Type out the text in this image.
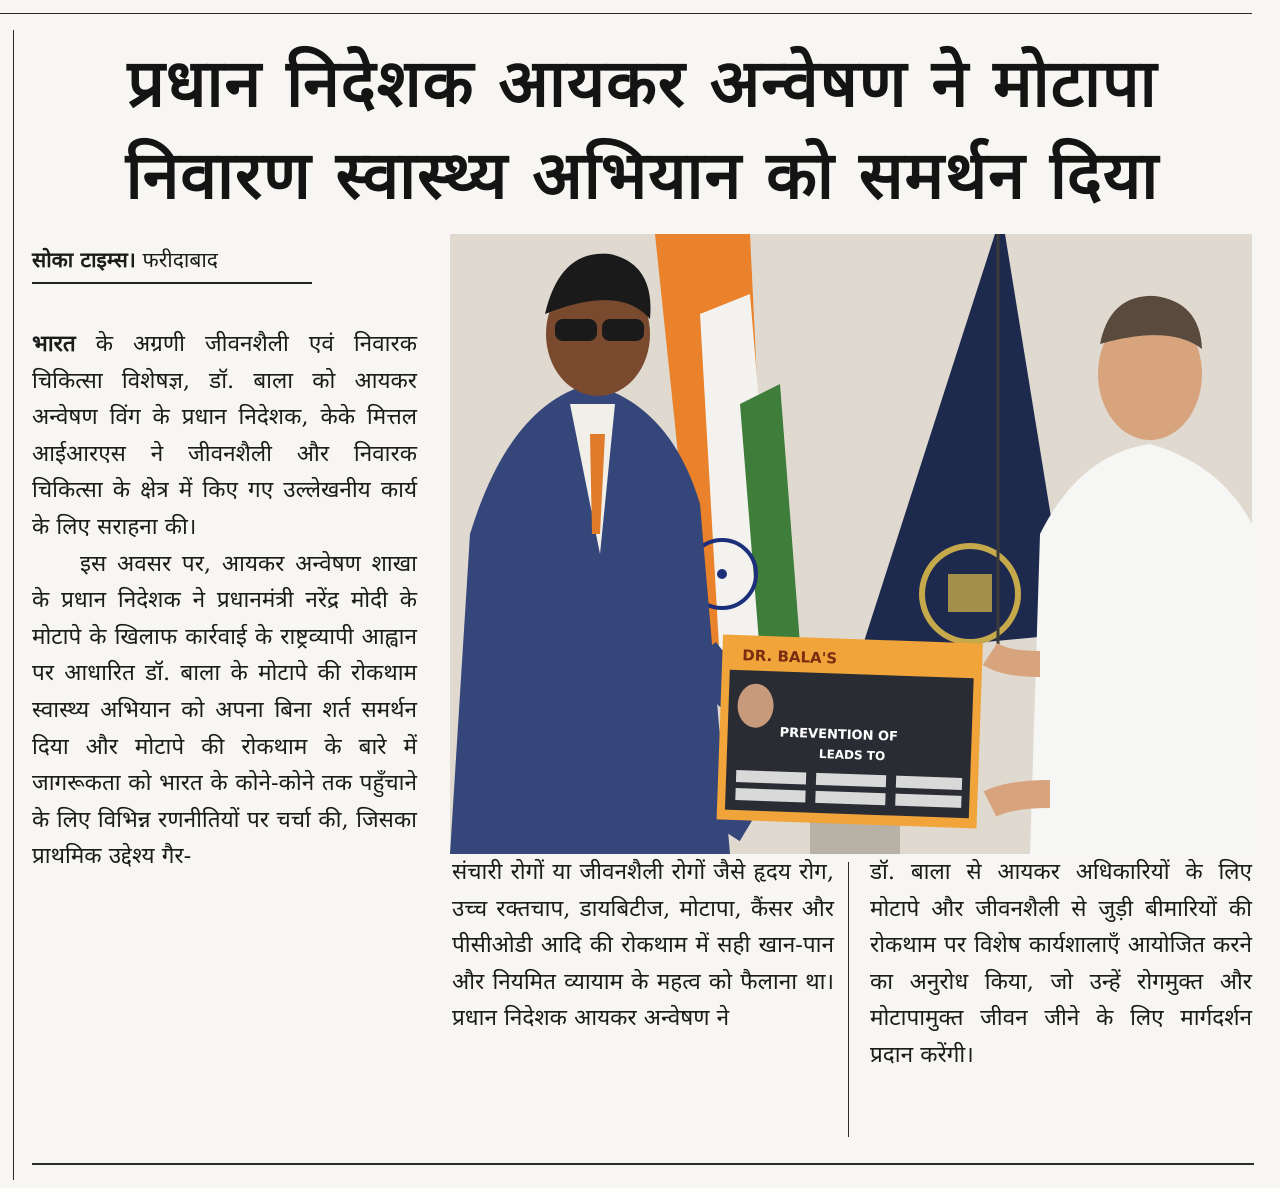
प्रधान निदेशक आयकर अन्वेषण ने मोटापा
निवारण स्वास्थ्य अभियान को समर्थन दिया
सोका टाइम्स। फरीदाबाद

भारत के अग्रणी जीवनशैली एवं निवारक चिकित्सा विशेषज्ञ, डॉ. बाला को आयकर अन्वेषण विंग के प्रधान निदेशक, केके मित्तल आईआरएस ने जीवनशैली और निवारक चिकित्सा के क्षेत्र में किए गए उल्लेखनीय कार्य के लिए सराहना की।

इस अवसर पर, आयकर अन्वेषण शाखा के प्रधान निदेशक ने प्रधानमंत्री नरेंद्र मोदी के मोटापे के खिलाफ कार्रवाई के राष्ट्रव्यापी आह्वान पर आधारित डॉ. बाला के मोटापे की रोकथाम स्वास्थ्य अभियान को अपना बिना शर्त समर्थन दिया और मोटापे की रोकथाम के बारे में जागरूकता को भारत के कोने-कोने तक पहुँचाने के लिए विभिन्न रणनीतियों पर चर्चा की, जिसका प्राथमिक उद्देश्य गैर-

DR. BALA'S
PREVENTION OF
LEADS TO
संचारी रोगों या जीवनशैली रोगों जैसे हृदय रोग, उच्च रक्तचाप, डायबिटीज, मोटापा, कैंसर और पीसीओडी आदि की रोकथाम में सही खान-पान और नियमित व्यायाम के महत्व को फैलाना था। प्रधान निदेशक आयकर अन्वेषण ने
डॉ. बाला से आयकर अधिकारियों के लिए मोटापे और जीवनशैली से जुड़ी बीमारियों की रोकथाम पर विशेष कार्यशालाएँ आयोजित करने का अनुरोध किया, जो उन्हें रोगमुक्त और मोटापामुक्त जीवन जीने के लिए मार्गदर्शन प्रदान करेंगी।
